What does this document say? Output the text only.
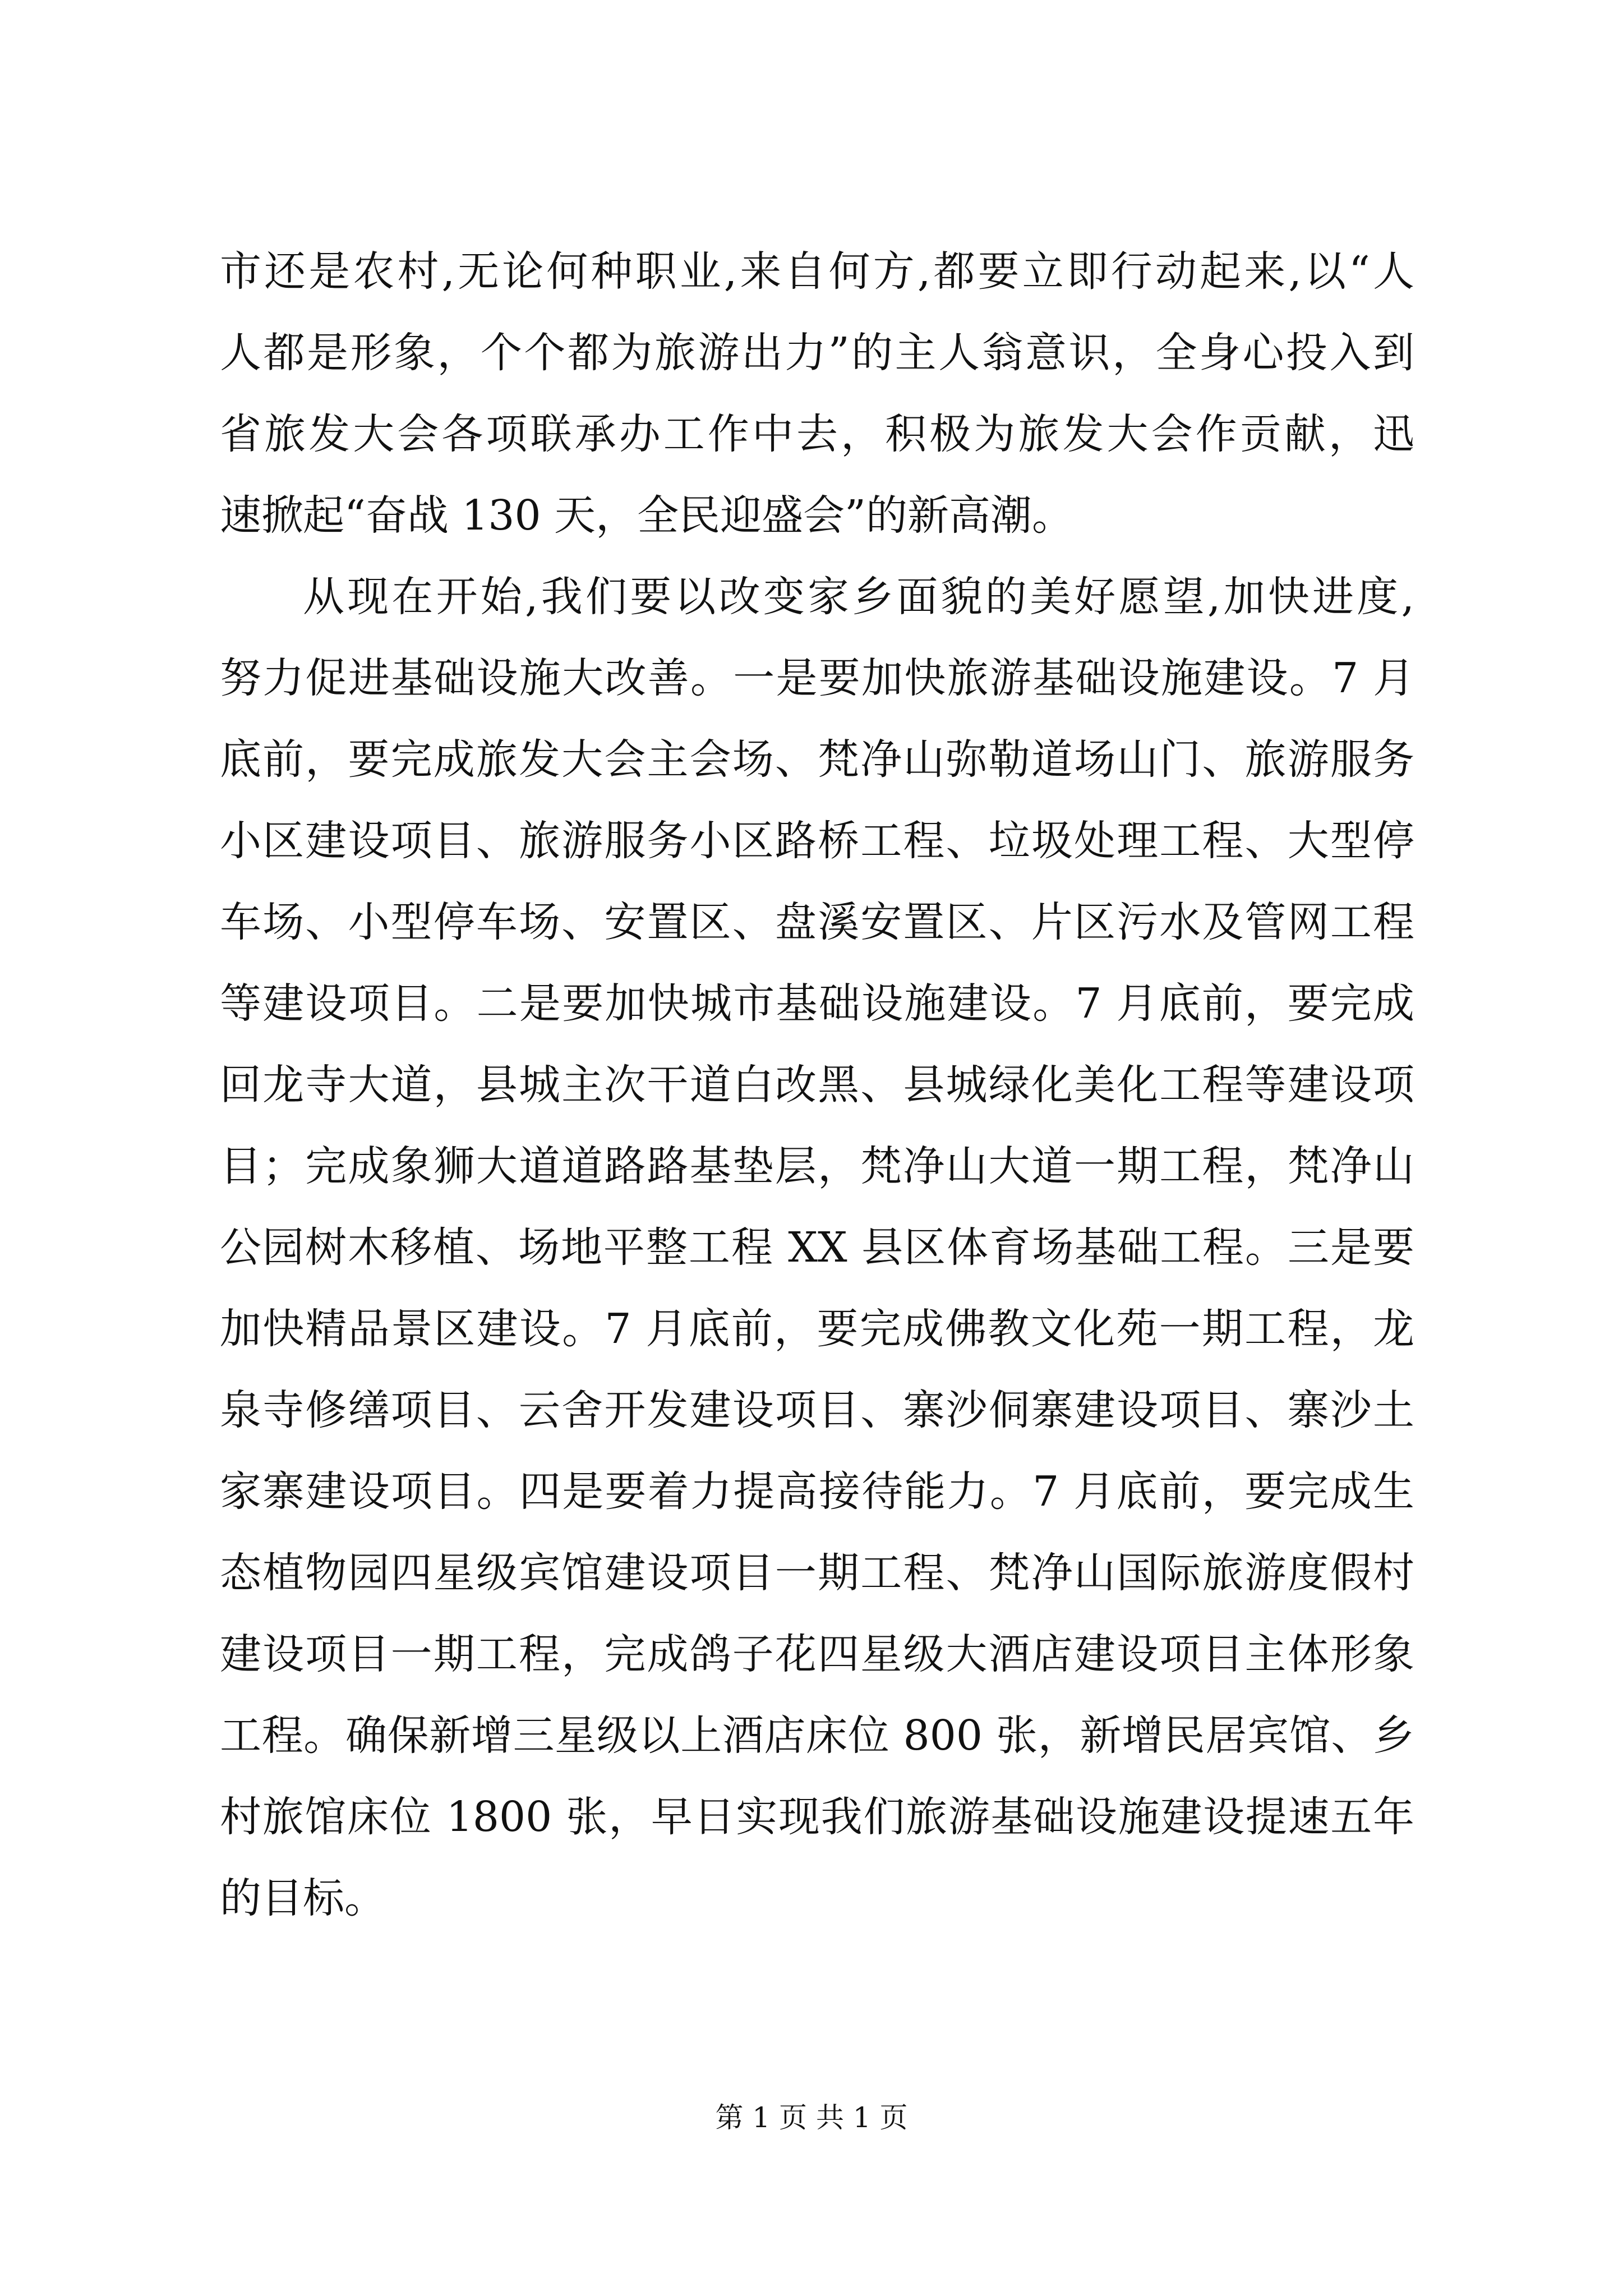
市还是农村,无论何种职业,来自何方,都要立即行动起来,以“人
人都是形象，个个都为旅游出力”的主人翁意识，全身心投入到
省旅发大会各项联承办工作中去，积极为旅发大会作贡献，迅
速掀起“奋战 130 天，全民迎盛会”的新高潮。
从现在开始,我们要以改变家乡面貌的美好愿望,加快进度,
努力促进基础设施大改善。一是要加快旅游基础设施建设。7 月
底前，要完成旅发大会主会场、梵净山弥勒道场山门、旅游服务
小区建设项目、旅游服务小区路桥工程、垃圾处理工程、大型停
车场、小型停车场、安置区、盘溪安置区、片区污水及管网工程
等建设项目。二是要加快城市基础设施建设。7 月底前，要完成
回龙寺大道，县城主次干道白改黑、县城绿化美化工程等建设项
目；完成象狮大道道路路基垫层，梵净山大道一期工程，梵净山
公园树木移植、场地平整工程 XX 县区体育场基础工程。三是要
加快精品景区建设。7 月底前，要完成佛教文化苑一期工程，龙
泉寺修缮项目、云舍开发建设项目、寨沙侗寨建设项目、寨沙土
家寨建设项目。四是要着力提高接待能力。7 月底前，要完成生
态植物园四星级宾馆建设项目一期工程、梵净山国际旅游度假村
建设项目一期工程，完成鸽子花四星级大酒店建设项目主体形象
工程。确保新增三星级以上酒店床位 800 张，新增民居宾馆、乡
村旅馆床位 1800 张，早日实现我们旅游基础设施建设提速五年
的目标。
第 1 页 共 1 页
